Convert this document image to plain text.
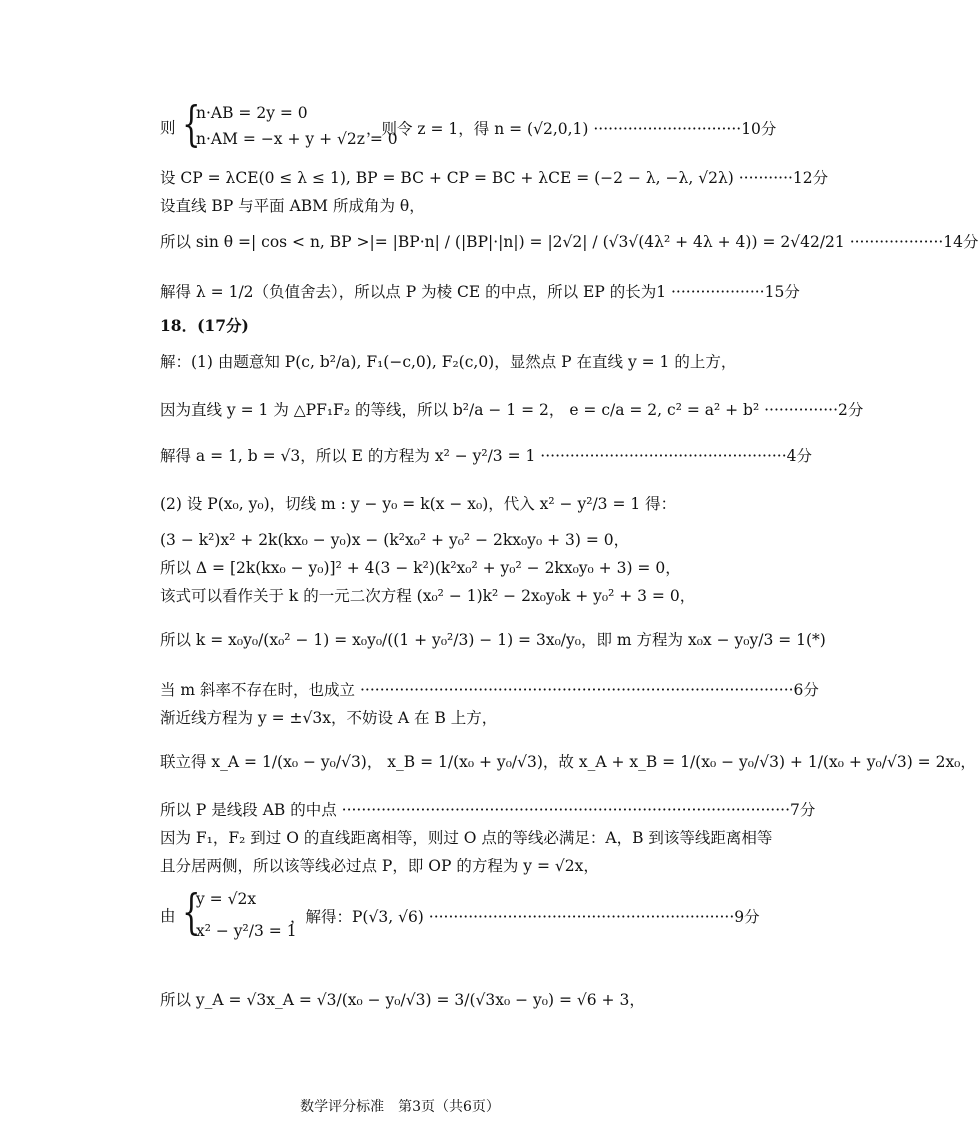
则 {
n·AB = 2y = 0
n·AM = −x + y + √2z = 0
，则令 z = 1，得 n = (√2,0,1) ······························10分
设 CP = λCE(0 ≤ λ ≤ 1), BP = BC + CP = BC + λCE = (−2 − λ, −λ, √2λ) ···········12分
设直线 BP 与平面 ABM 所成角为 θ，
所以 sin θ =| cos < n, BP >|= |BP·n| / (|BP|·|n|) = |2√2| / (√3√(4λ² + 4λ + 4)) = 2√42/21 ···················14分
解得 λ = 1/2（负值舍去），所以点 P 为棱 CE 的中点，所以 EP 的长为1 ···················15分
18．(17分)
解：(1) 由题意知 P(c, b²/a), F₁(−c,0), F₂(c,0)，显然点 P 在直线 y = 1 的上方，
因为直线 y = 1 为 △PF₁F₂ 的等线，所以 b²/a − 1 = 2， e = c/a = 2, c² = a² + b² ···············2分
解得 a = 1, b = √3，所以 E 的方程为 x² − y²/3 = 1 ··················································4分
(2) 设 P(x₀, y₀)，切线 m : y − y₀ = k(x − x₀)，代入 x² − y²/3 = 1 得：
(3 − k²)x² + 2k(kx₀ − y₀)x − (k²x₀² + y₀² − 2kx₀y₀ + 3) = 0，
所以 Δ = [2k(kx₀ − y₀)]² + 4(3 − k²)(k²x₀² + y₀² − 2kx₀y₀ + 3) = 0，
该式可以看作关于 k 的一元二次方程 (x₀² − 1)k² − 2x₀y₀k + y₀² + 3 = 0，
所以 k = x₀y₀/(x₀² − 1) = x₀y₀/((1 + y₀²/3) − 1) = 3x₀/y₀，即 m 方程为 x₀x − y₀y/3 = 1(*)
当 m 斜率不存在时，也成立 ························································································6分
渐近线方程为 y = ±√3x，不妨设 A 在 B 上方，
联立得 x_A = 1/(x₀ − y₀/√3)， x_B = 1/(x₀ + y₀/√3)，故 x_A + x_B = 1/(x₀ − y₀/√3) + 1/(x₀ + y₀/√3) = 2x₀，
所以 P 是线段 AB 的中点 ···························································································7分
因为 F₁，F₂ 到过 O 的直线距离相等，则过 O 点的等线必满足：A，B 到该等线距离相等
且分居两侧，所以该等线必过点 P，即 OP 的方程为 y = √2x，
由 {
y = √2x
x² − y²/3 = 1
，解得：P(√3, √6) ······························································9分
所以 y_A = √3x_A = √3/(x₀ − y₀/√3) = 3/(√3x₀ − y₀) = √6 + 3，
数学评分标准　第3页（共6页）
